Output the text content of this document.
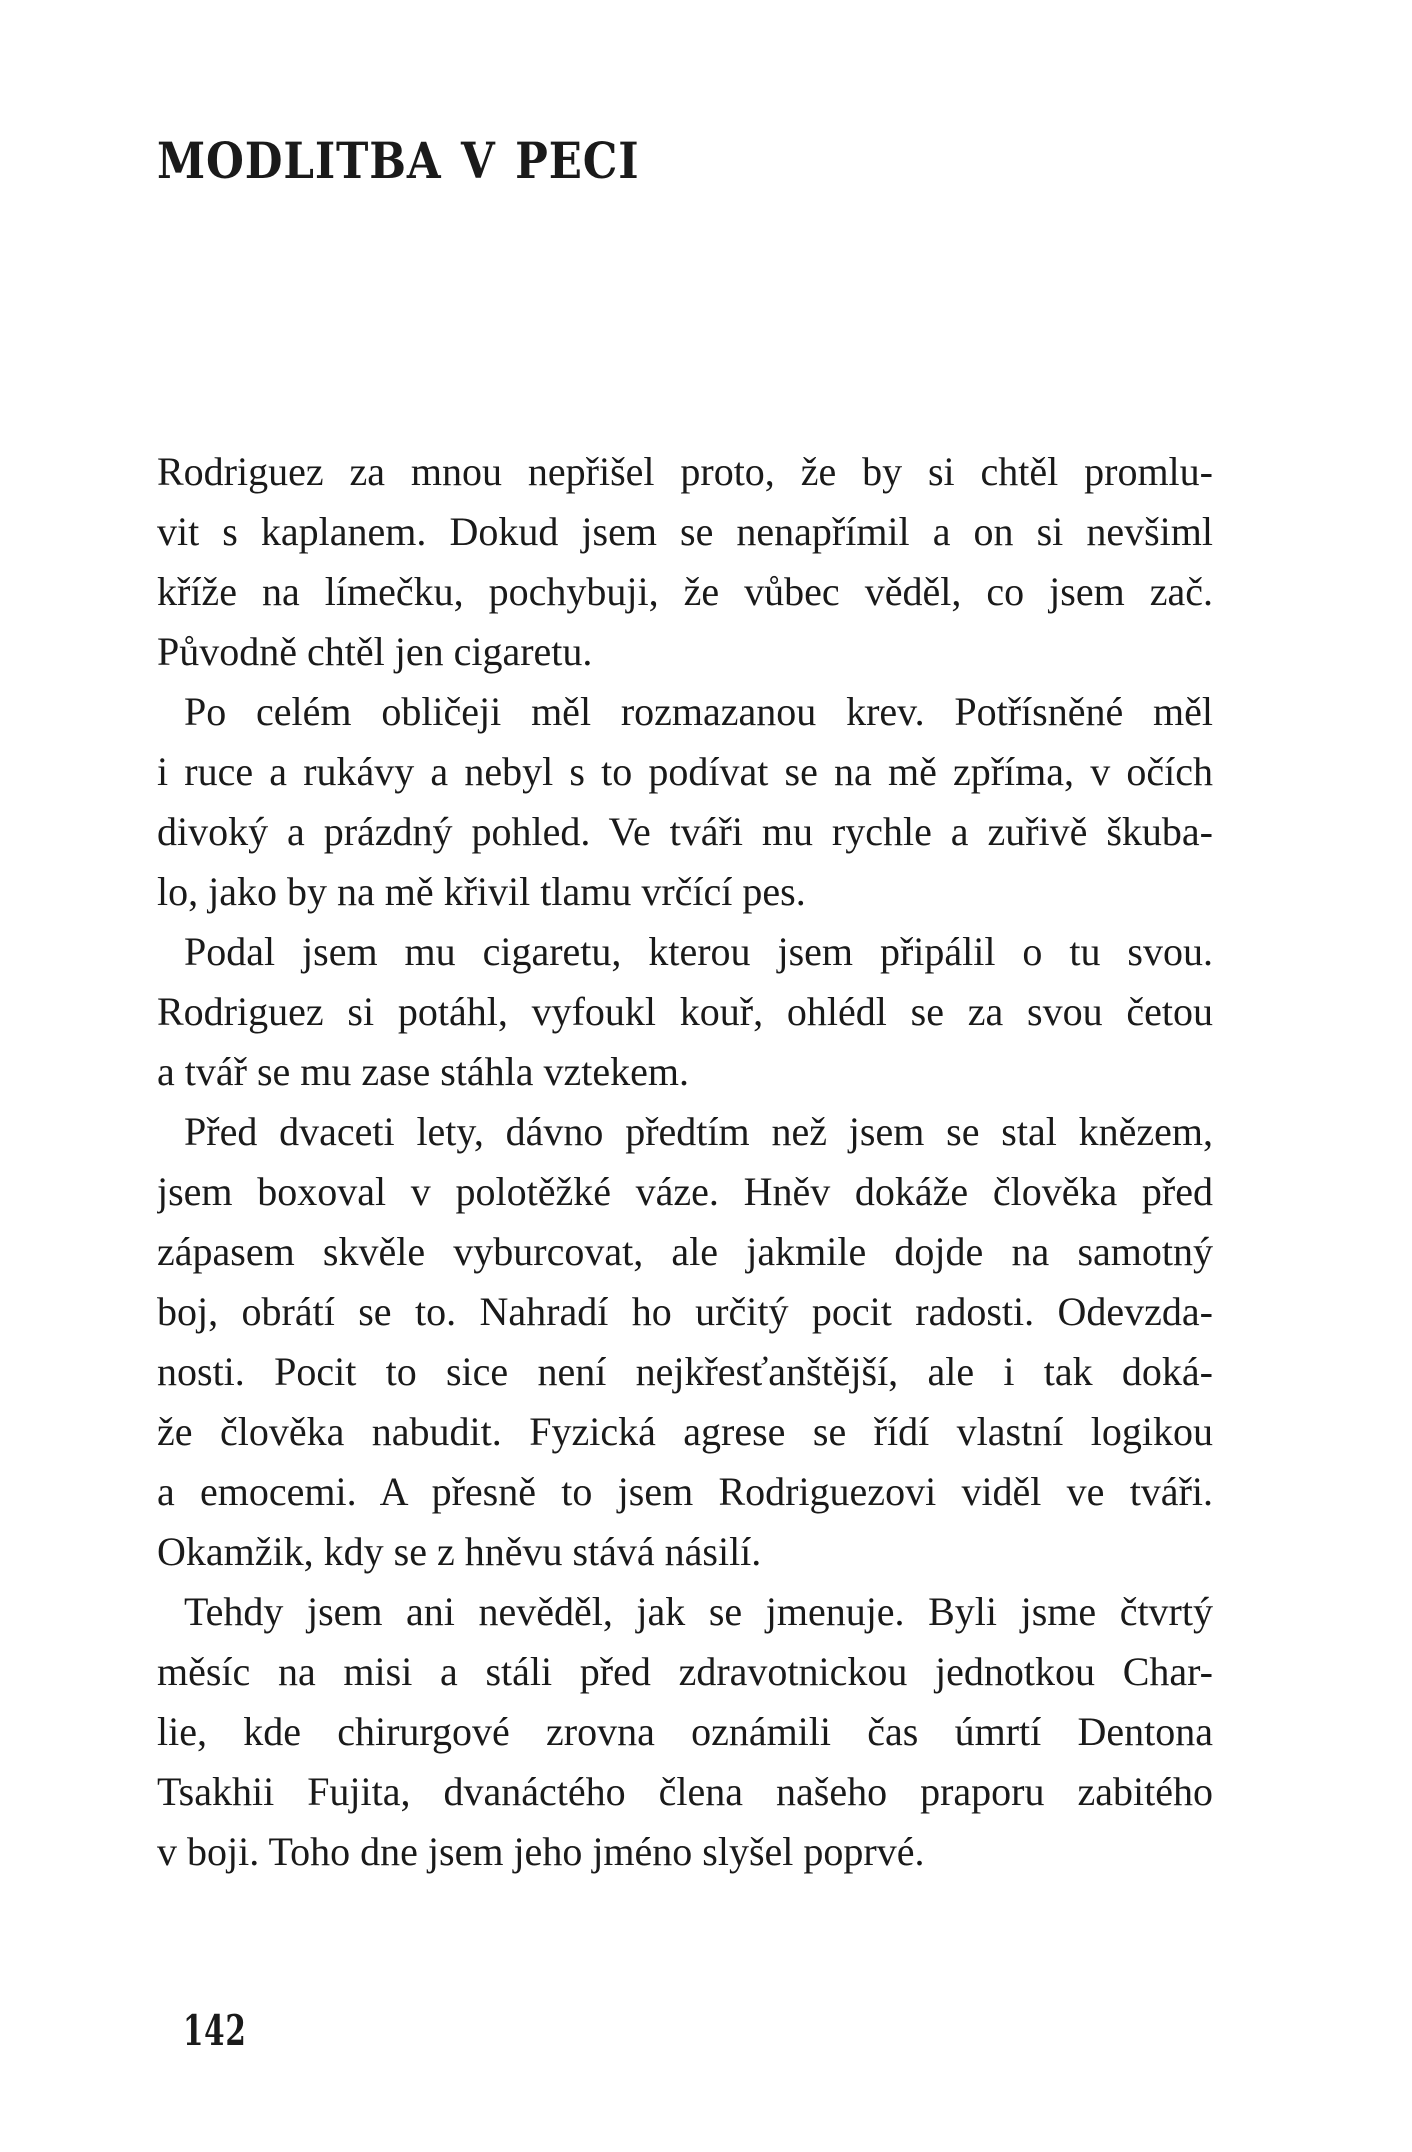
MODLITBA V PECI
Rodriguez za mnou nepřišel proto, že by si chtěl promlu-
vit s kaplanem. Dokud jsem se nenapřímil a on si nevšiml
kříže na límečku, pochybuji, že vůbec věděl, co jsem zač.
Původně chtěl jen cigaretu.
Po celém obličeji měl rozmazanou krev. Potřísněné měl
i ruce a rukávy a nebyl s to podívat se na mě zpříma, v očích
divoký a prázdný pohled. Ve tváři mu rychle a zuřivě škuba-
lo, jako by na mě křivil tlamu vrčící pes.
Podal jsem mu cigaretu, kterou jsem připálil o tu svou.
Rodriguez si potáhl, vyfoukl kouř, ohlédl se za svou četou
a tvář se mu zase stáhla vztekem.
Před dvaceti lety, dávno předtím než jsem se stal knězem,
jsem boxoval v polotěžké váze. Hněv dokáže člověka před
zápasem skvěle vyburcovat, ale jakmile dojde na samotný
boj, obrátí se to. Nahradí ho určitý pocit radosti. Odevzda-
nosti. Pocit to sice není nejkřesťanštější, ale i tak doká-
že člověka nabudit. Fyzická agrese se řídí vlastní logikou
a emocemi. A přesně to jsem Rodriguezovi viděl ve tváři.
Okamžik, kdy se z hněvu stává násilí.
Tehdy jsem ani nevěděl, jak se jmenuje. Byli jsme čtvrtý
měsíc na misi a stáli před zdravotnickou jednotkou Char-
lie, kde chirurgové zrovna oznámili čas úmrtí Dentona
Tsakhii Fujita, dvanáctého člena našeho praporu zabitého
v boji. Toho dne jsem jeho jméno slyšel poprvé.
142
